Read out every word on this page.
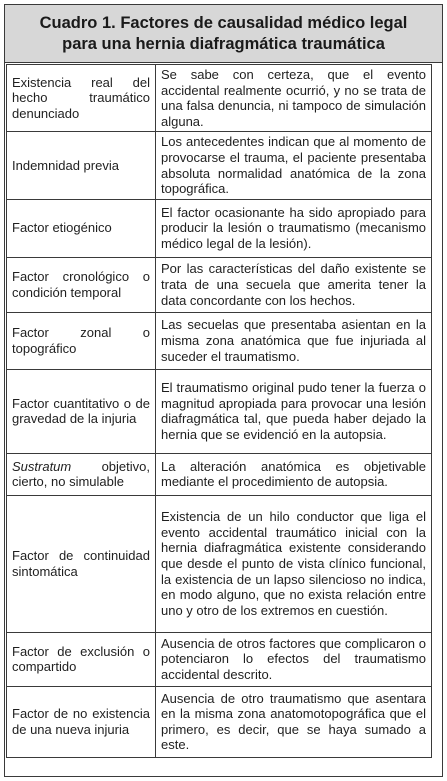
Cuadro 1. Factores de causalidad médico legal
para una hernia diafragmática traumática
Existencia real del hecho traumático denunciado	Se sabe con certeza, que el evento accidental realmente ocurrió, y no se trata de una falsa denuncia, ni tampoco de simulación alguna.
Indemnidad previa	Los antecedentes indican que al momento de provocarse el trauma, el paciente presentaba absoluta normalidad anatómica de la zona topográfica.
Factor etiogénico	El factor ocasionante ha sido apropiado para producir la lesión o traumatismo (mecanismo médico legal de la lesión).
Factor cronológico o condición temporal	Por las características del daño existente se trata de una secuela que amerita tener la data concordante con los hechos.
Factor zonal o topográfico	Las secuelas que presentaba asientan en la misma zona anatómica que fue injuriada al suceder el traumatismo.
Factor cuantitativo o de gravedad de la injuria	El traumatismo original pudo tener la fuerza o magnitud apropiada para provocar una lesión diafragmática tal, que pueda haber dejado la hernia que se evidenció en la autopsia.
Sustratum objetivo, cierto, no simulable	La alteración anatómica es objetivable mediante el procedimiento de autopsia.
Factor de continuidad sintomática	Existencia de un hilo conductor que liga el evento accidental traumático inicial con la hernia diafragmática existente considerando que desde el punto de vista clínico funcional, la existencia de un lapso silencioso no indica, en modo alguno, que no exista relación entre uno y otro de los extremos en cuestión.
Factor de exclusión o compartido	Ausencia de otros factores que complicaron o potenciaron lo efectos del traumatismo accidental descrito.
Factor de no existencia de una nueva injuria	Ausencia de otro traumatismo que asentara en la misma zona anatomotopográfica que el primero, es decir, que se haya sumado a este.
